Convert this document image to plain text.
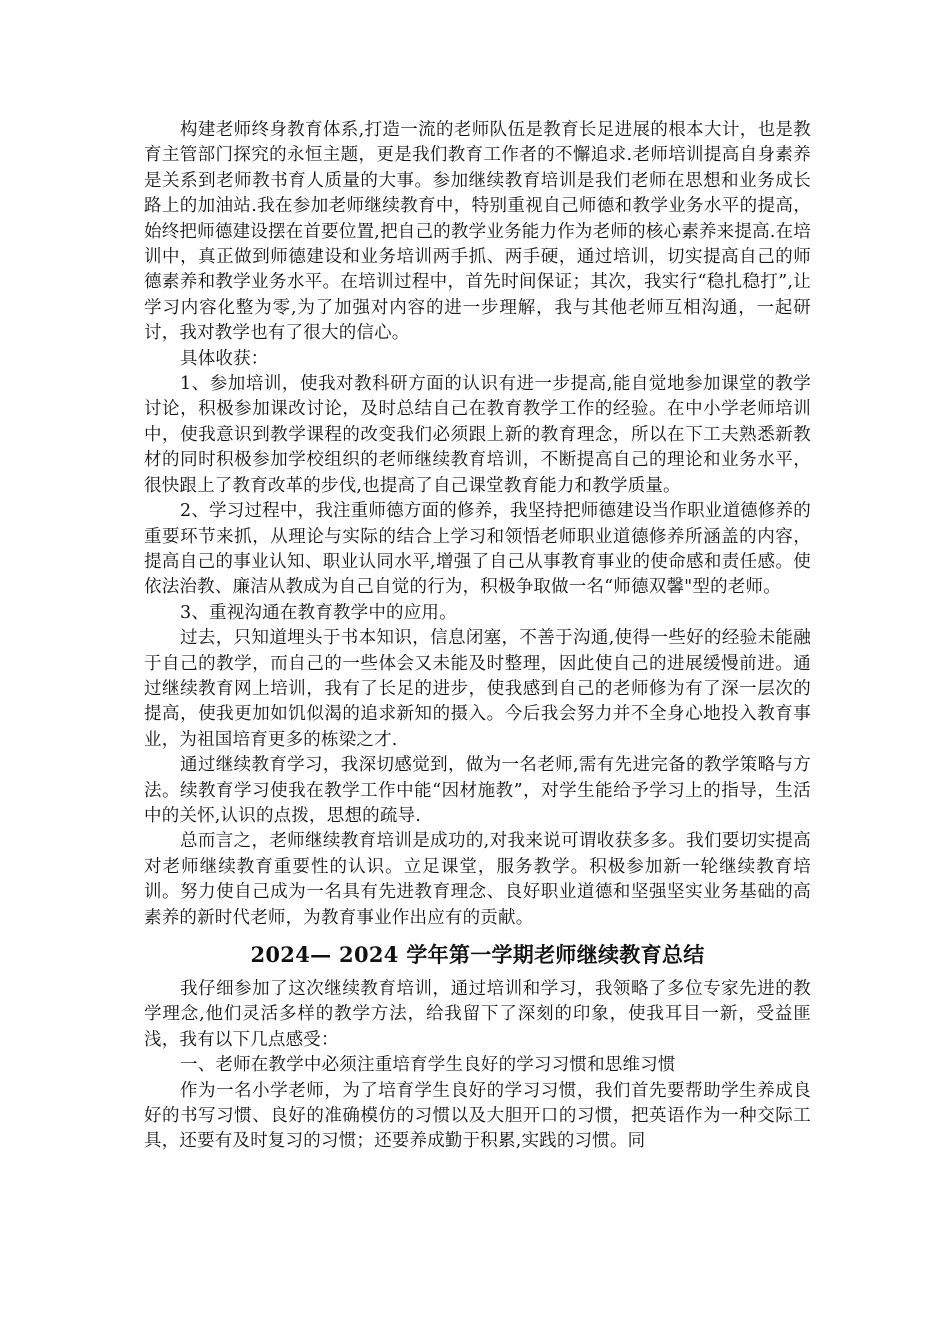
构建老师终身教育体系,打造一流的老师队伍是教育长足进展的根本大计，也是教育主管部门探究的永恒主题，更是我们教育工作者的不懈追求.老师培训提高自身素养是关系到老师教书育人质量的大事。参加继续教育培训是我们老师在思想和业务成长路上的加油站.我在参加老师继续教育中，特别重视自己师德和教学业务水平的提高，始终把师德建设摆在首要位置,把自己的教学业务能力作为老师的核心素养来提高.在培训中，真正做到师德建设和业务培训两手抓、两手硬，通过培训，切实提高自己的师德素养和教学业务水平。在培训过程中，首先时间保证；其次，我实行“稳扎稳打”,让学习内容化整为零,为了加强对内容的进一步理解，我与其他老师互相沟通，一起研讨，我对教学也有了很大的信心。

具体收获：

1、参加培训，使我对教科研方面的认识有进一步提高,能自觉地参加课堂的教学讨论，积极参加课改讨论，及时总结自己在教育教学工作的经验。在中小学老师培训中，使我意识到教学课程的改变我们必须跟上新的教育理念，所以在下工夫熟悉新教材的同时积极参加学校组织的老师继续教育培训，不断提高自己的理论和业务水平，很快跟上了教育改革的步伐,也提高了自己课堂教育能力和教学质量。

2、学习过程中，我注重师德方面的修养，我坚持把师德建设当作职业道德修养的重要环节来抓，从理论与实际的结合上学习和领悟老师职业道德修养所涵盖的内容，提高自己的事业认知、职业认同水平,增强了自己从事教育事业的使命感和责任感。使依法治教、廉洁从教成为自己自觉的行为，积极争取做一名“师德双馨"型的老师。

3、重视沟通在教育教学中的应用。

过去，只知道埋头于书本知识，信息闭塞，不善于沟通,使得一些好的经验未能融于自己的教学，而自己的一些体会又未能及时整理，因此使自己的进展缓慢前进。通过继续教育网上培训，我有了长足的进步，使我感到自己的老师修为有了深一层次的提高，使我更加如饥似渴的追求新知的摄入。今后我会努力并不全身心地投入教育事业，为祖国培育更多的栋梁之才.

通过继续教育学习，我深切感觉到，做为一名老师,需有先进完备的教学策略与方法。续教育学习使我在教学工作中能“因材施教”，对学生能给予学习上的指导，生活中的关怀,认识的点拨，思想的疏导.

总而言之，老师继续教育培训是成功的,对我来说可谓收获多多。我们要切实提高对老师继续教育重要性的认识。立足课堂，服务教学。积极参加新一轮继续教育培训。努力使自己成为一名具有先进教育理念、良好职业道德和坚强坚实业务基础的高素养的新时代老师，为教育事业作出应有的贡献。

2024— 2024 学年第一学期老师继续教育总结

我仔细参加了这次继续教育培训，通过培训和学习，我领略了多位专家先进的教学理念,他们灵活多样的教学方法，给我留下了深刻的印象，使我耳目一新，受益匪浅，我有以下几点感受：

一、老师在教学中必须注重培育学生良好的学习习惯和思维习惯

作为一名小学老师，为了培育学生良好的学习习惯，我们首先要帮助学生养成良好的书写习惯、良好的准确模仿的习惯以及大胆开口的习惯，把英语作为一种交际工具，还要有及时复习的习惯；还要养成勤于积累,实践的习惯。同
